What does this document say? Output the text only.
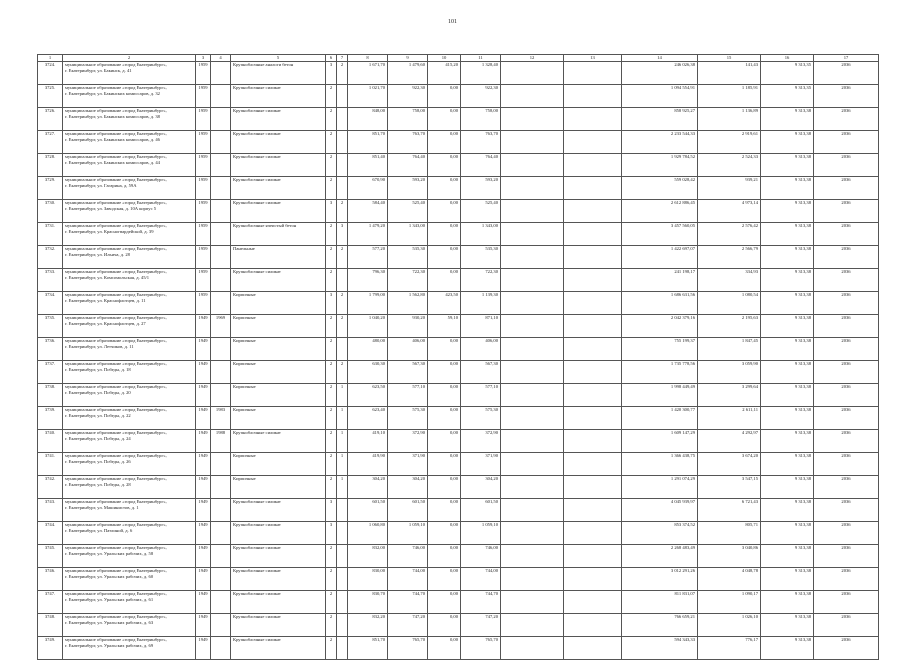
101
1	2	3	4	5	6	7	8	9	10	11	12	13	14	15	16	17
3724.	муниципальное образование «город Екатеринбург»,
г. Екатеринбург, ул. Бакинск, д. 41	1959		Крупноблочные аналоги бетон	3	2	1 671,70	1 479,60	415,20	1 328,40			246 026,38	141,43	9 313,35	2036
3725.	муниципальное образование «город Екатеринбург»,
г. Екатеринбург, ул. Бакинских комиссаров, д. 32	1959		Крупноблочные силикат	2		1 021,70	922,30	0,00	922,30			1 094 554,91	1 185,91	9 313,35	2036
3726.	муниципальное образование «город Екатеринбург»,
г. Екатеринбург, ул. Бакинских комиссаров, д. 38	1959		Крупноблочные силикат	2		848,00	758,00	0,00	758,00			858 925,27	1 136,89	9 313,38	2036
3727.	муниципальное образование «город Екатеринбург»,
г. Екатеринбург, ул. Бакинских комиссаров, д. 46	1959		Крупноблочные силикат	2		851,70	763,70	0,00	763,70			2 233 544,33	2 919,61	9 313,38	2036
3728.	муниципальное образование «город Екатеринбург»,
г. Екатеринбург, ул. Бакинских комиссаров, д. 44	1959		Крупноблочные силикат	2		851,40	764,40	0,00	764,40			1 929 784,52	2 524,33	9 313,38	2036
3729.	муниципальное образование «город Екатеринбург»,
г. Екатеринбург, ул. Гагарина, д. 59А	1959		Крупноблочные силикат	2		670,90	593,20	0,00	593,20			559 028,42	939,21	9 313,38	2036
3730.	муниципальное образование «город Екатеринбург»,
г. Екатеринбург, ул. Заводская, д. 10А корпус 5	1959		Крупноблочные силикат	3	2	584,40	525,40	0,00	525,40			2 612 886,45	4 973,14	9 313,38	2036
3731.	муниципальное образование «город Екатеринбург»,
г. Екатеринбург, ул. Красногвардейской, д. 39	1959		Крупноблочные ячеистый бетон	2	3	1 479,20	1 343,00	0,00	1 343,00			3 457 560,05	2 576,42	9 313,38	2036
3732.	муниципальное образование «город Екатеринбург»,
г. Екатеринбург, ул. Ильича, д. 28	1959		Панельные	2	2	577,20	535,30	0,00	535,30			1 422 697,07	2 566,79	9 313,38	2036
3733.	муниципальное образование «город Екатеринбург»,
г. Екатеринбург, ул. Комсомольская, д. 45/1	1959		Крупноблочные силикат	2		796,30	722,30	0,00	722,30			241 198,17	334,93	9 313,38	2036
3734.	муниципальное образование «город Екатеринбург»,
г. Екатеринбург, ул. Краснофлотцев, д. 11	1959		Кирпичные	3	2	1 799,00	1 562,80	423,50	1 139,30			1 686 631,56	1 080,54	9 313,38	2036
3735.	муниципальное образование «город Екатеринбург»,
г. Екатеринбург, ул. Краснофлотцев, д. 27	1949	1969	Кирпичные	2	2	1 040,20	930,20	59,10	871,10			2 042 379,16	2 195,63	9 313,38	2036
3736.	муниципальное образование «город Екатеринбург»,
г. Екатеринбург, ул. Летчиков, д. 11	1949		Кирпичные	2		480,00	406,00	0,00	406,00			755 199,37	1 847,45	9 313,38	2036
3737.	муниципальное образование «город Екатеринбург»,
г. Екатеринбург, ул. Победы, д. 18	1949		Кирпичные	2	2	630,30	567,30	0,00	567,30			1 735 778,56	3 059,90	9 313,38	2036
3738.	муниципальное образование «город Екатеринбург»,
г. Екатеринбург, ул. Победы, д. 20	1949		Кирпичные	2	1	623,50	577,10	0,00	577,10			1 998 449,49	3 299,64	9 313,38	2036
3739.	муниципальное образование «город Екатеринбург»,
г. Екатеринбург, ул. Победы, д. 22	1949	1983	Кирпичные	2	1	623,40	575,30	0,00	575,30			1 420 300,77	2 611,11	9 313,38	2036
3740.	муниципальное образование «город Екатеринбург»,
г. Екатеринбург, ул. Победы, д. 24	1949	1988	Крупноблочные силикат	2	1	419,10	372,90	0,00	372,90			1 609 147,29	4 292,97	9 313,38	2036
3741.	муниципальное образование «город Екатеринбург»,
г. Екатеринбург, ул. Победы, д. 26	1949		Кирпичные	2	1	419,90	371,90	0,00	371,90			1 366 438,75	3 674,20	9 313,38	2036
3742.	муниципальное образование «город Екатеринбург»,
г. Екатеринбург, ул. Победы, д. 28	1949		Кирпичные	2	1	304,20	304,20	0,00	304,20			1 291 074,29	3 547,15	9 313,38	2036
3743.	муниципальное образование «город Екатеринбург»,
г. Екатеринбург, ул. Машинистов, д. 1	1949		Крупноблочные силикат	3		601,50	601,50	0,00	601,50			4 045 939,97	6 721,43	9 313,38	2036
3744.	муниципальное образование «город Екатеринбург»,
г. Екатеринбург, ул. Патлиной, д. 6	1949		Крупноблочные силикат	3		1 060,80	1 059,10	0,00	1 059,10			853 374,52	805,71	9 313,38	2036
3745.	муниципальное образование «город Екатеринбург»,
г. Екатеринбург, ул. Уральских рабочих, д. 58	1949		Крупноблочные силикат	2		832,00	746,00	0,00	746,00			2 268 483,49	3 040,86	9 313,38	2036
3746.	муниципальное образование «город Екатеринбург»,
г. Екатеринбург, ул. Уральских рабочих, д. 60	1949		Крупноблочные силикат	2		830,00	744,00	0,00	744,00			3 012 291,26	4 048,78	9 313,38	2036
3747.	муниципальное образование «город Екатеринбург»,
г. Екатеринбург, ул. Уральских рабочих, д. 61	1949		Крупноблочные силикат	2		830,70	744,70	0,00	744,70			811 831,07	1 090,17	9 313,38	2036
3748.	муниципальное образование «город Екатеринбург»,
г. Екатеринбург, ул. Уральских рабочих, д. 63	1949		Крупноблочные силикат	2		832,20	747,20	0,00	747,20			766 659,21	1 026,10	9 313,38	2036
3749.	муниципальное образование «город Екатеринбург»,
г. Екатеринбург, ул. Уральских рабочих, д. 69	1949		Крупноблочные силикат	2		851,70	765,70	0,00	765,70			594 343,33	776,17	9 313,38	2036
